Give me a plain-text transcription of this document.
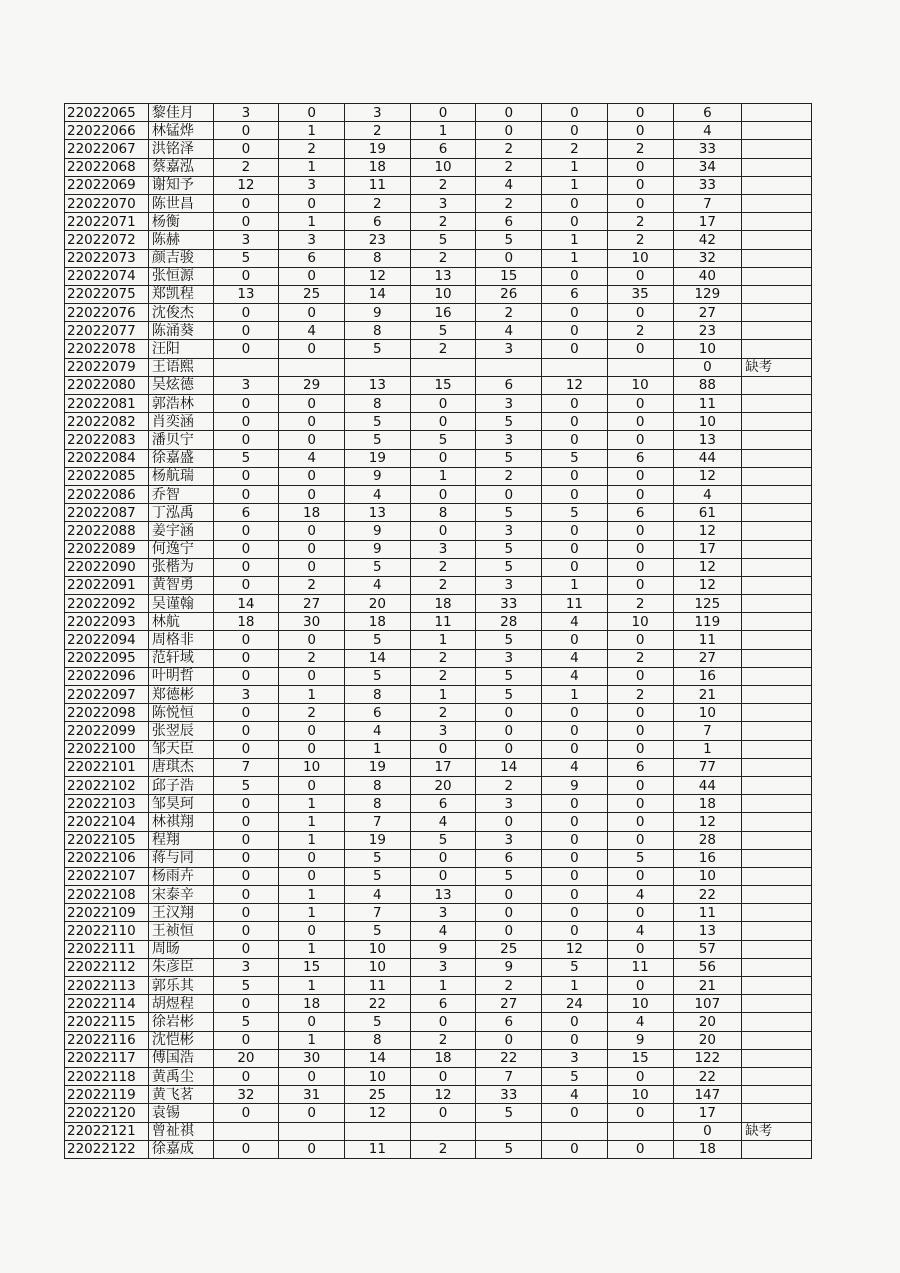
22022065	黎佳月	3	0	3	0	0	0	0	6	
22022066	林锰烨	0	1	2	1	0	0	0	4	
22022067	洪铭泽	0	2	19	6	2	2	2	33	
22022068	蔡嘉泓	2	1	18	10	2	1	0	34	
22022069	谢知予	12	3	11	2	4	1	0	33	
22022070	陈世昌	0	0	2	3	2	0	0	7	
22022071	杨衡	0	1	6	2	6	0	2	17	
22022072	陈赫	3	3	23	5	5	1	2	42	
22022073	颜吉骏	5	6	8	2	0	1	10	32	
22022074	张恒源	0	0	12	13	15	0	0	40	
22022075	郑凯程	13	25	14	10	26	6	35	129	
22022076	沈俊杰	0	0	9	16	2	0	0	27	
22022077	陈涌葵	0	4	8	5	4	0	2	23	
22022078	汪阳	0	0	5	2	3	0	0	10	
22022079	王语熙								0	缺考
22022080	吴炫德	3	29	13	15	6	12	10	88	
22022081	郭浩林	0	0	8	0	3	0	0	11	
22022082	肖奕涵	0	0	5	0	5	0	0	10	
22022083	潘贝宁	0	0	5	5	3	0	0	13	
22022084	徐嘉盛	5	4	19	0	5	5	6	44	
22022085	杨航瑞	0	0	9	1	2	0	0	12	
22022086	乔智	0	0	4	0	0	0	0	4	
22022087	丁泓禹	6	18	13	8	5	5	6	61	
22022088	姜宇涵	0	0	9	0	3	0	0	12	
22022089	何逸宁	0	0	9	3	5	0	0	17	
22022090	张楷为	0	0	5	2	5	0	0	12	
22022091	黄智勇	0	2	4	2	3	1	0	12	
22022092	吴谨翰	14	27	20	18	33	11	2	125	
22022093	林航	18	30	18	11	28	4	10	119	
22022094	周格非	0	0	5	1	5	0	0	11	
22022095	范轩域	0	2	14	2	3	4	2	27	
22022096	叶明哲	0	0	5	2	5	4	0	16	
22022097	郑德彬	3	1	8	1	5	1	2	21	
22022098	陈悦恒	0	2	6	2	0	0	0	10	
22022099	张翌辰	0	0	4	3	0	0	0	7	
22022100	邹天臣	0	0	1	0	0	0	0	1	
22022101	唐琪杰	7	10	19	17	14	4	6	77	
22022102	邱子浩	5	0	8	20	2	9	0	44	
22022103	邹昊珂	0	1	8	6	3	0	0	18	
22022104	林祺翔	0	1	7	4	0	0	0	12	
22022105	程翔	0	1	19	5	3	0	0	28	
22022106	蒋与同	0	0	5	0	6	0	5	16	
22022107	杨雨卉	0	0	5	0	5	0	0	10	
22022108	宋泰辛	0	1	4	13	0	0	4	22	
22022109	王汉翔	0	1	7	3	0	0	0	11	
22022110	王祯恒	0	0	5	4	0	0	4	13	
22022111	周旸	0	1	10	9	25	12	0	57	
22022112	朱彦臣	3	15	10	3	9	5	11	56	
22022113	郭乐其	5	1	11	1	2	1	0	21	
22022114	胡煜程	0	18	22	6	27	24	10	107	
22022115	徐岩彬	5	0	5	0	6	0	4	20	
22022116	沈恺彬	0	1	8	2	0	0	9	20	
22022117	傅国浩	20	30	14	18	22	3	15	122	
22022118	黄禹尘	0	0	10	0	7	5	0	22	
22022119	黄飞茗	32	31	25	12	33	4	10	147	
22022120	袁锡	0	0	12	0	5	0	0	17	
22022121	曾祉祺								0	缺考
22022122	徐嘉成	0	0	11	2	5	0	0	18	
